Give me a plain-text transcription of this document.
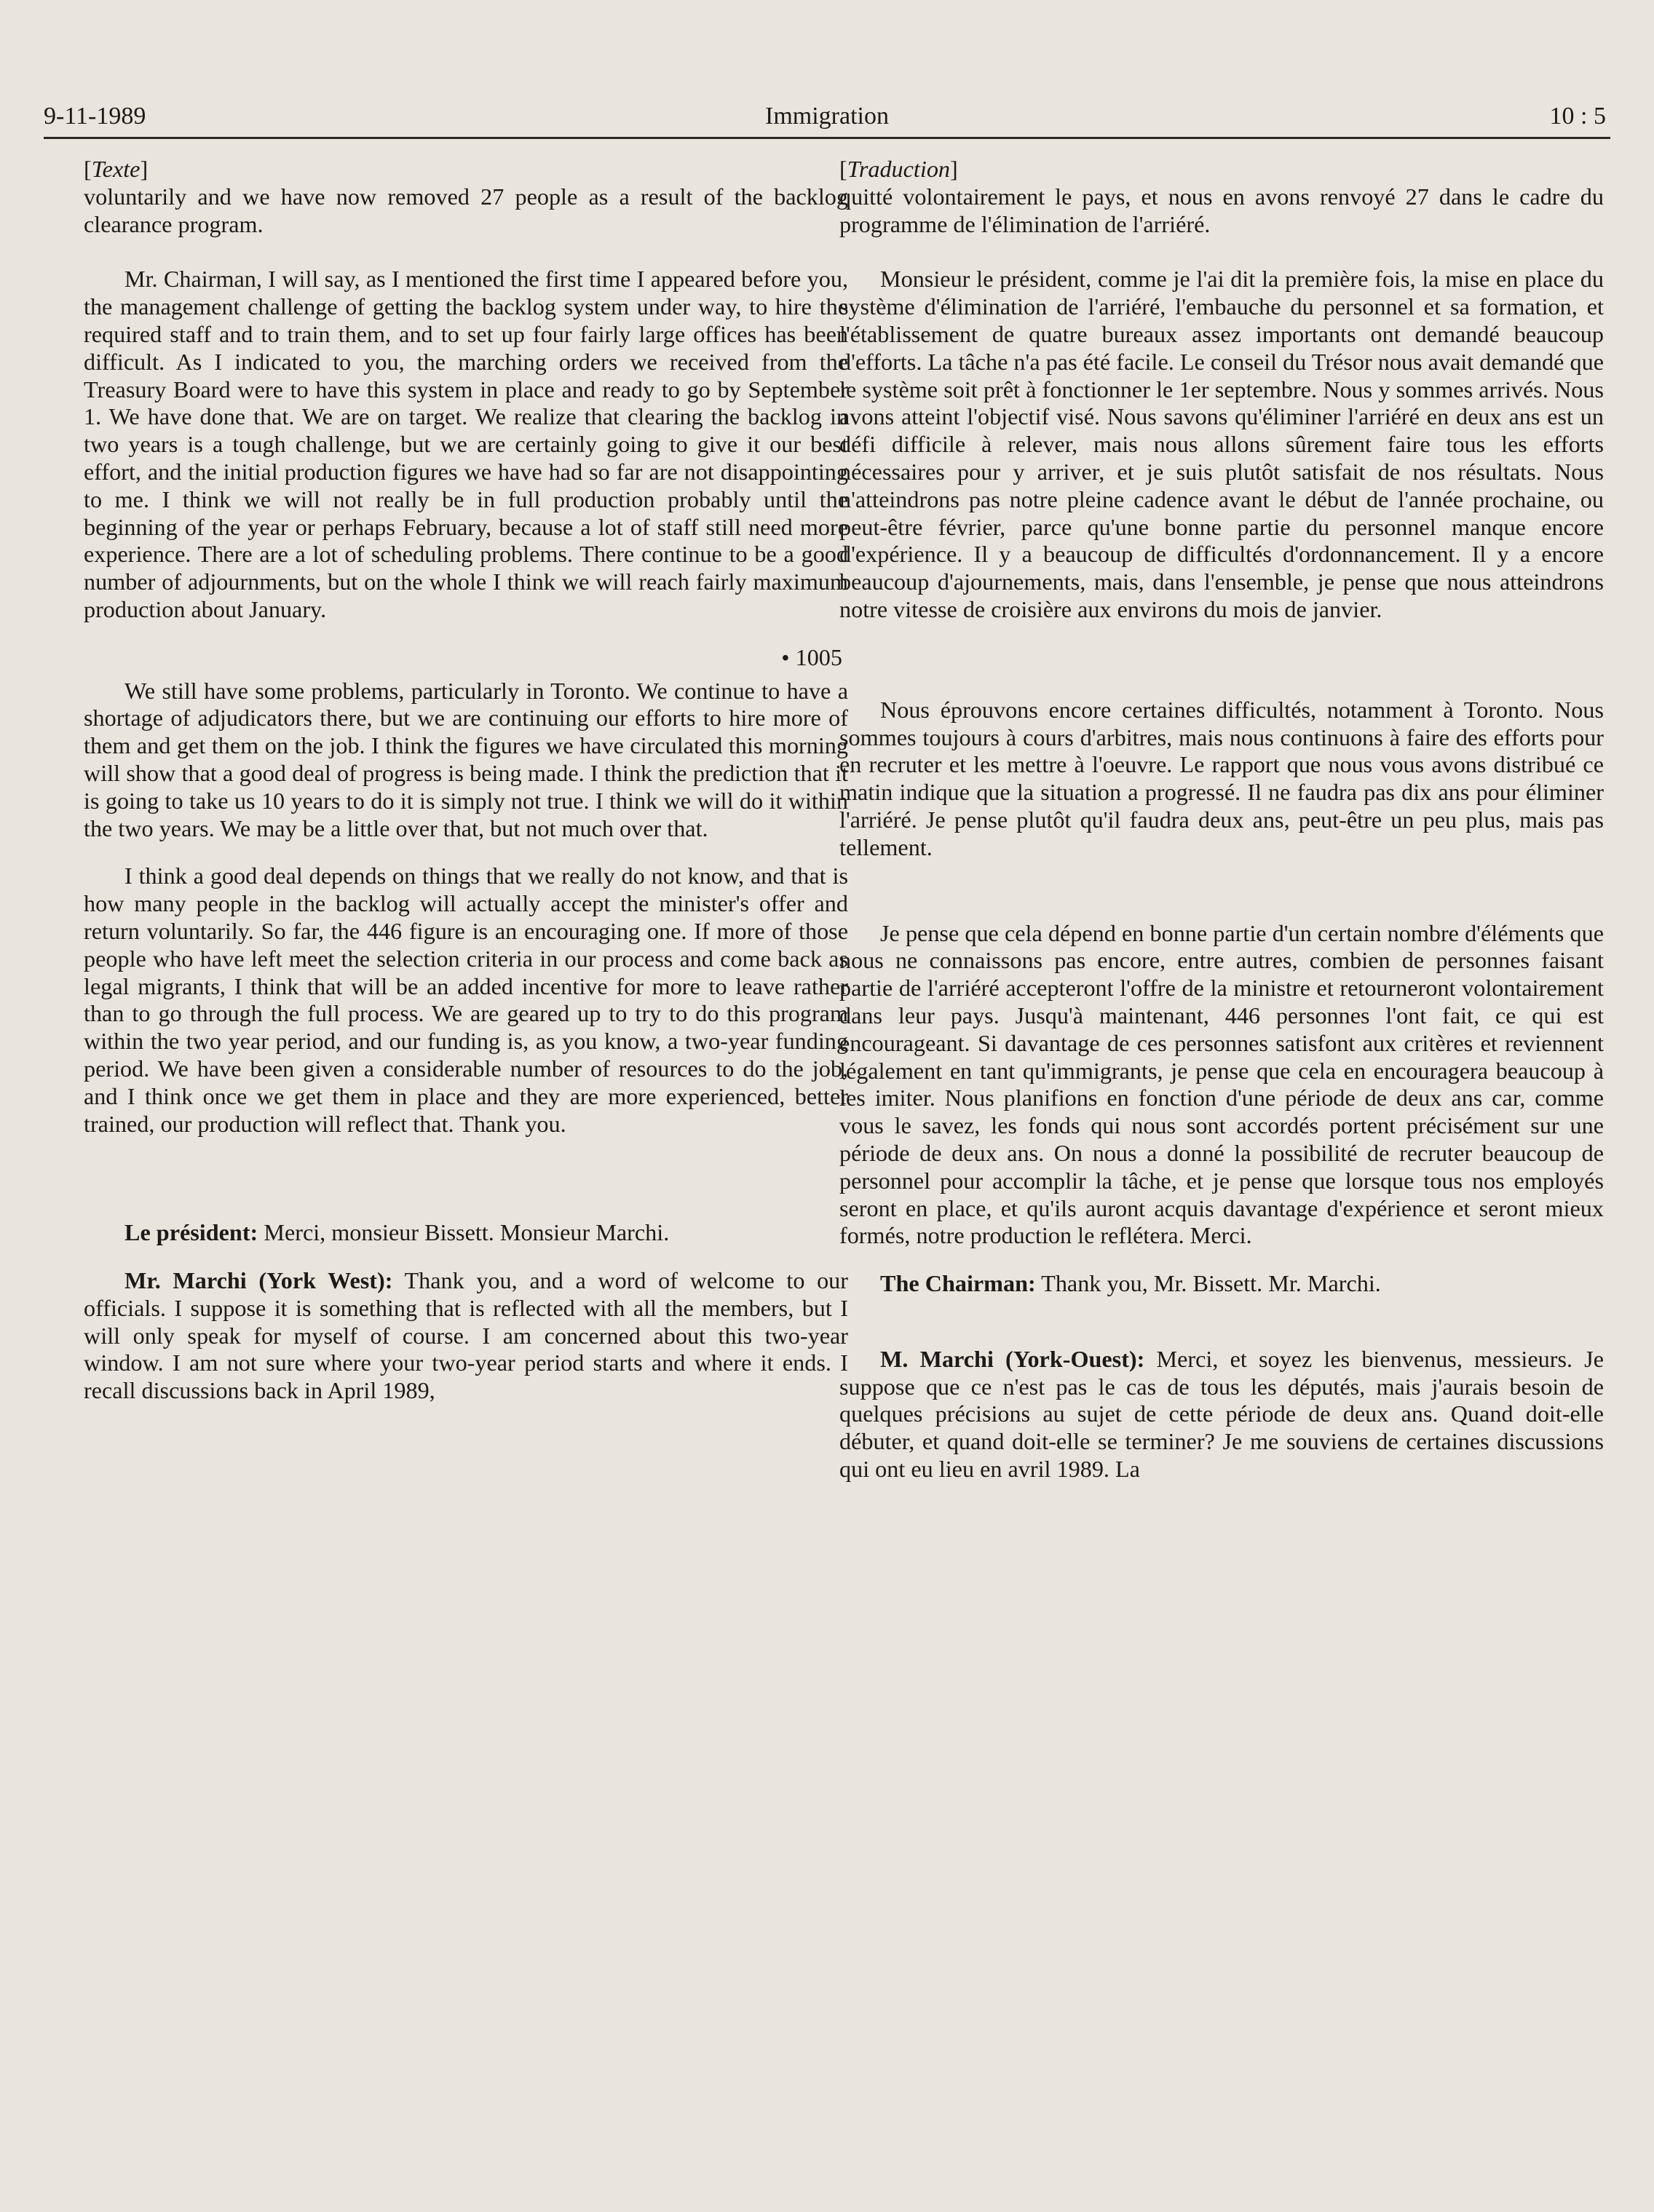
9-11-1989	Immigration	10 : 5
[Texte]

voluntarily and we have now removed 27 people as a result of the backlog clearance program.

Mr. Chairman, I will say, as I mentioned the first time I appeared before you, the management challenge of getting the backlog system under way, to hire the required staff and to train them, and to set up four fairly large offices has been difficult. As I indicated to you, the marching orders we received from the Treasury Board were to have this system in place and ready to go by September 1. We have done that. We are on target. We realize that clearing the backlog in two years is a tough challenge, but we are certainly going to give it our best effort, and the initial production figures we have had so far are not disappointing to me. I think we will not really be in full production probably until the beginning of the year or perhaps February, because a lot of staff still need more experience. There are a lot of scheduling problems. There continue to be a good number of adjournments, but on the whole I think we will reach fairly maximum production about January.

• 1005

We still have some problems, particularly in Toronto. We continue to have a shortage of adjudicators there, but we are continuing our efforts to hire more of them and get them on the job. I think the figures we have circulated this morning will show that a good deal of progress is being made. I think the prediction that it is going to take us 10 years to do it is simply not true. I think we will do it within the two years. We may be a little over that, but not much over that.

I think a good deal depends on things that we really do not know, and that is how many people in the backlog will actually accept the minister's offer and return voluntarily. So far, the 446 figure is an encouraging one. If more of those people who have left meet the selection criteria in our process and come back as legal migrants, I think that will be an added incentive for more to leave rather than to go through the full process. We are geared up to try to do this program within the two year period, and our funding is, as you know, a two-year funding period. We have been given a considerable number of resources to do the job, and I think once we get them in place and they are more experienced, better trained, our production will reflect that. Thank you.

Le président: Merci, monsieur Bissett. Monsieur Marchi.

Mr. Marchi (York West): Thank you, and a word of welcome to our officials. I suppose it is something that is reflected with all the members, but I will only speak for myself of course. I am concerned about this two-year window. I am not sure where your two-year period starts and where it ends. I recall discussions back in April 1989,

[Traduction]

quitté volontairement le pays, et nous en avons renvoyé 27 dans le cadre du programme de l'élimination de l'arriéré.

Monsieur le président, comme je l'ai dit la première fois, la mise en place du système d'élimination de l'arriéré, l'embauche du personnel et sa formation, et l'établissement de quatre bureaux assez importants ont demandé beaucoup d'efforts. La tâche n'a pas été facile. Le conseil du Trésor nous avait demandé que le système soit prêt à fonctionner le 1er septembre. Nous y sommes arrivés. Nous avons atteint l'objectif visé. Nous savons qu'éliminer l'arriéré en deux ans est un défi difficile à relever, mais nous allons sûrement faire tous les efforts nécessaires pour y arriver, et je suis plutôt satisfait de nos résultats. Nous n'atteindrons pas notre pleine cadence avant le début de l'année prochaine, ou peut-être février, parce qu'une bonne partie du personnel manque encore d'expérience. Il y a beaucoup de difficultés d'ordonnancement. Il y a encore beaucoup d'ajournements, mais, dans l'ensemble, je pense que nous atteindrons notre vitesse de croisière aux environs du mois de janvier.

Nous éprouvons encore certaines difficultés, notamment à Toronto. Nous sommes toujours à cours d'arbitres, mais nous continuons à faire des efforts pour en recruter et les mettre à l'oeuvre. Le rapport que nous vous avons distribué ce matin indique que la situation a progressé. Il ne faudra pas dix ans pour éliminer l'arriéré. Je pense plutôt qu'il faudra deux ans, peut-être un peu plus, mais pas tellement.

Je pense que cela dépend en bonne partie d'un certain nombre d'éléments que nous ne connaissons pas encore, entre autres, combien de personnes faisant partie de l'arriéré accepteront l'offre de la ministre et retourneront volontairement dans leur pays. Jusqu'à maintenant, 446 personnes l'ont fait, ce qui est encourageant. Si davantage de ces personnes satisfont aux critères et reviennent légalement en tant qu'immigrants, je pense que cela en encouragera beaucoup à les imiter. Nous planifions en fonction d'une période de deux ans car, comme vous le savez, les fonds qui nous sont accordés portent précisément sur une période de deux ans. On nous a donné la possibilité de recruter beaucoup de personnel pour accomplir la tâche, et je pense que lorsque tous nos employés seront en place, et qu'ils auront acquis davantage d'expérience et seront mieux formés, notre production le reflétera. Merci.

The Chairman: Thank you, Mr. Bissett. Mr. Marchi.

M. Marchi (York-Ouest): Merci, et soyez les bienvenus, messieurs. Je suppose que ce n'est pas le cas de tous les députés, mais j'aurais besoin de quelques précisions au sujet de cette période de deux ans. Quand doit-elle débuter, et quand doit-elle se terminer? Je me souviens de certaines discussions qui ont eu lieu en avril 1989. La
